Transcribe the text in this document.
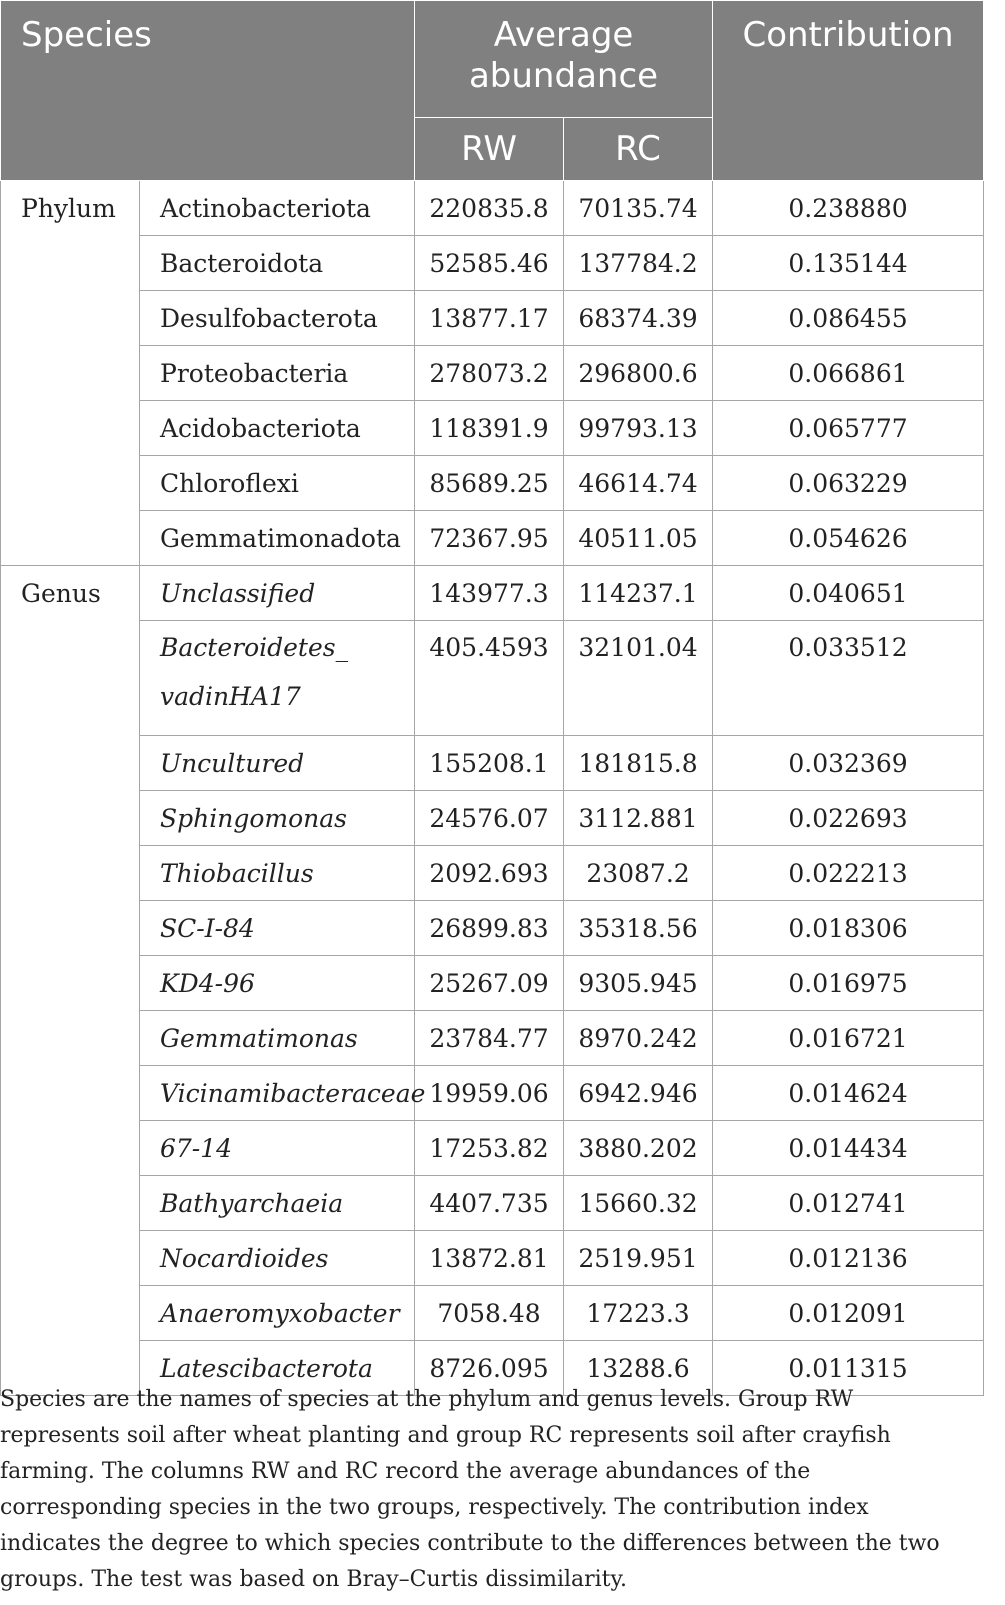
Species		Average abundance		Contribution
		RW	RC	
Phylum	Actinobacteriota	220835.8	70135.74	0.238880
	Bacteroidota	52585.46	137784.2	0.135144
	Desulfobacterota	13877.17	68374.39	0.086455
	Proteobacteria	278073.2	296800.6	0.066861
	Acidobacteriota	118391.9	99793.13	0.065777
	Chloroflexi	85689.25	46614.74	0.063229
	Gemmatimonadota	72367.95	40511.05	0.054626
Genus	Unclassified	143977.3	114237.1	0.040651
	Bacteroidetes_
vadinHA17	405.4593	32101.04	0.033512
	Uncultured	155208.1	181815.8	0.032369
	Sphingomonas	24576.07	3112.881	0.022693
	Thiobacillus	2092.693	23087.2	0.022213
	SC-I-84	26899.83	35318.56	0.018306
	KD4-96	25267.09	9305.945	0.016975
	Gemmatimonas	23784.77	8970.242	0.016721
	Vicinamibacteraceae	19959.06	6942.946	0.014624
	67-14	17253.82	3880.202	0.014434
	Bathyarchaeia	4407.735	15660.32	0.012741
	Nocardioides	13872.81	2519.951	0.012136
	Anaeromyxobacter	7058.48	17223.3	0.012091
	Latescibacterota	8726.095	13288.6	0.011315
Species are the names of species at the phylum and genus levels. Group RW represents soil after wheat planting and group RC represents soil after crayfish farming. The columns RW and RC record the average abundances of the corresponding species in the two groups, respectively. The contribution index indicates the degree to which species contribute to the differences between the two groups. The test was based on Bray–Curtis dissimilarity.
